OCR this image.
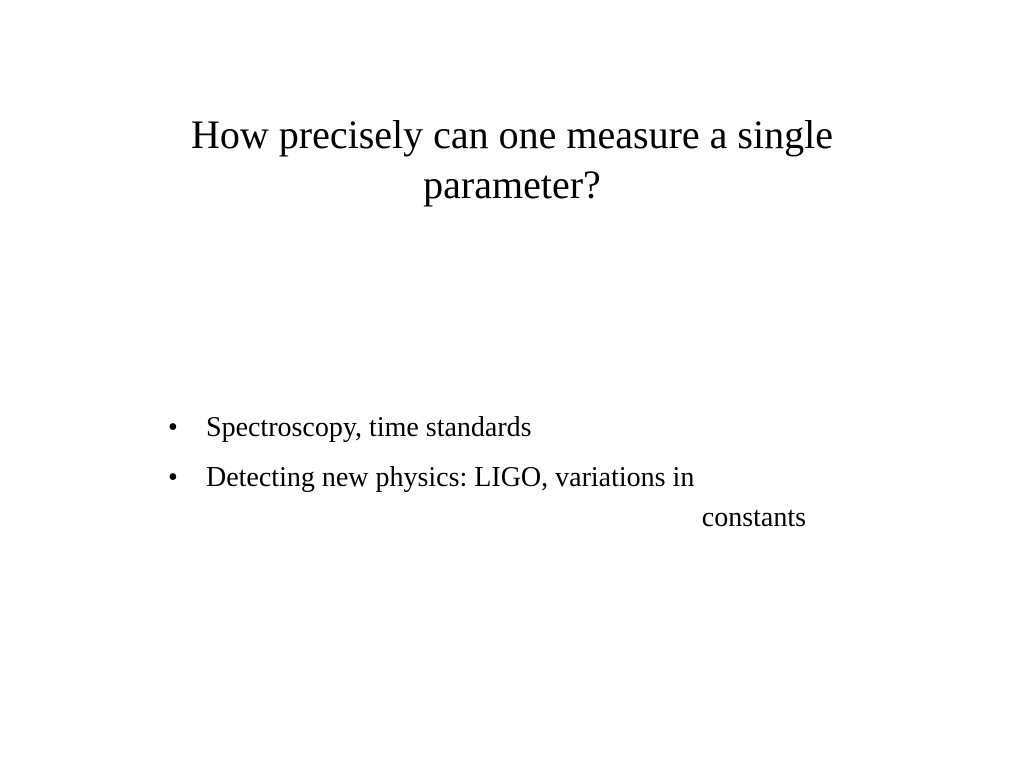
How precisely can one measure a single
parameter?
• Spectroscopy, time standards
• Detecting new physics: LIGO, variations in
constants
